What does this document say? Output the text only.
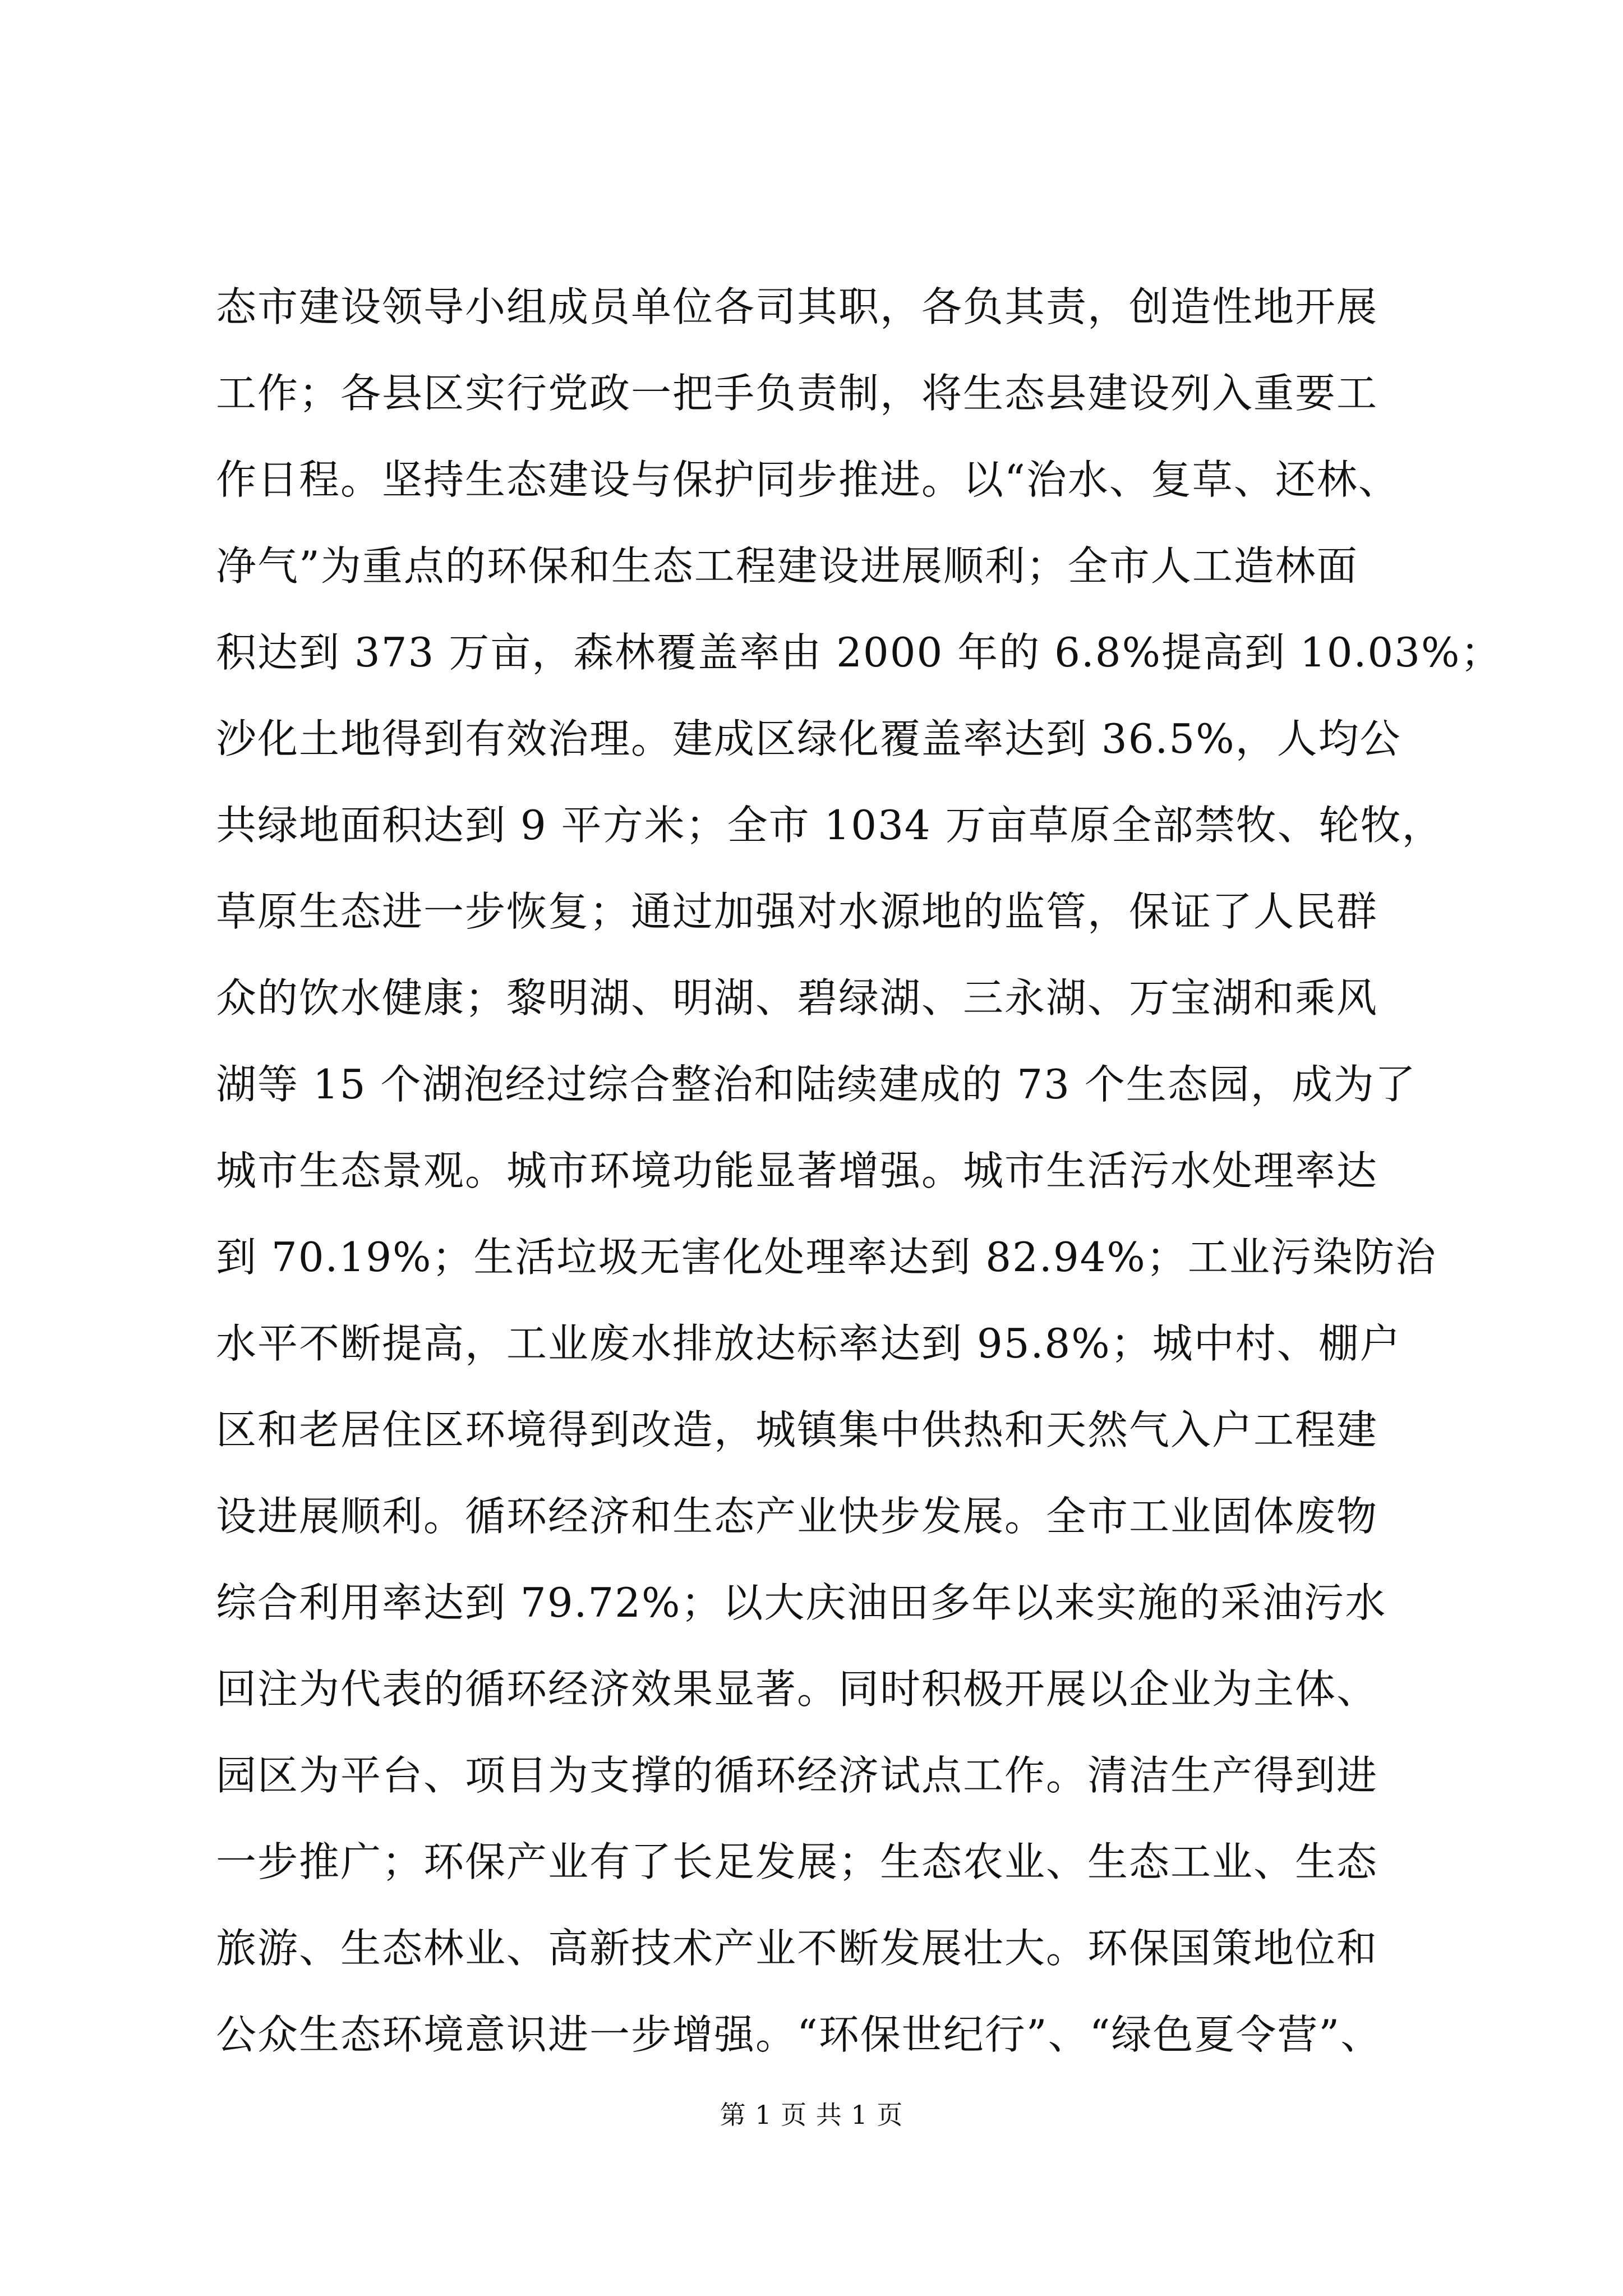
态市建设领导小组成员单位各司其职，各负其责，创造性地开展
工作；各县区实行党政一把手负责制，将生态县建设列入重要工
作日程。坚持生态建设与保护同步推进。以“治水、复草、还林、
净气”为重点的环保和生态工程建设进展顺利；全市人工造林面
积达到 373 万亩，森林覆盖率由 2000 年的 6.8%提高到 10.03%；
沙化土地得到有效治理。建成区绿化覆盖率达到 36.5%，人均公
共绿地面积达到 9 平方米；全市 1034 万亩草原全部禁牧、轮牧，
草原生态进一步恢复；通过加强对水源地的监管，保证了人民群
众的饮水健康；黎明湖、明湖、碧绿湖、三永湖、万宝湖和乘风
湖等 15 个湖泡经过综合整治和陆续建成的 73 个生态园，成为了
城市生态景观。城市环境功能显著增强。城市生活污水处理率达
到 70.19%；生活垃圾无害化处理率达到 82.94%；工业污染防治
水平不断提高，工业废水排放达标率达到 95.8%；城中村、棚户
区和老居住区环境得到改造，城镇集中供热和天然气入户工程建
设进展顺利。循环经济和生态产业快步发展。全市工业固体废物
综合利用率达到 79.72%；以大庆油田多年以来实施的采油污水
回注为代表的循环经济效果显著。同时积极开展以企业为主体、
园区为平台、项目为支撑的循环经济试点工作。清洁生产得到进
一步推广；环保产业有了长足发展；生态农业、生态工业、生态
旅游、生态林业、高新技术产业不断发展壮大。环保国策地位和
公众生态环境意识进一步增强。“环保世纪行”、“绿色夏令营”、
第 1 页 共 1 页
